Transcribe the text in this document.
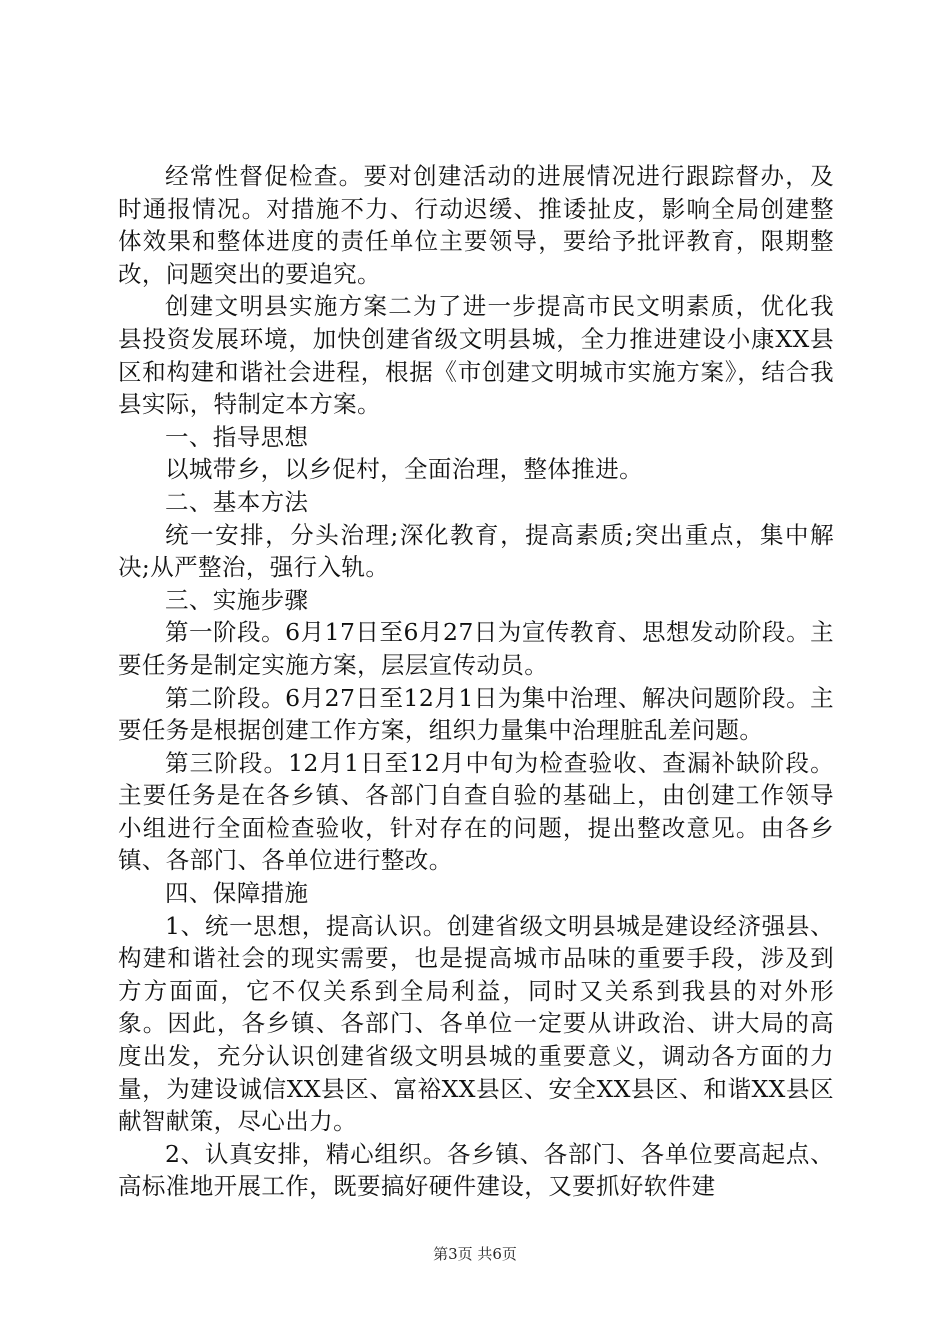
经常性督促检查。要对创建活动的进展情况进行跟踪督办，及时通报情况。对措施不力、行动迟缓、推诿扯皮，影响全局创建整体效果和整体进度的责任单位主要领导，要给予批评教育，限期整改，问题突出的要追究。

创建文明县实施方案二为了进一步提高市民文明素质，优化我县投资发展环境，加快创建省级文明县城，全力推进建设小康XX县区和构建和谐社会进程，根据《市创建文明城市实施方案》，结合我县实际，特制定本方案。

一、指导思想

以城带乡，以乡促村，全面治理，整体推进。

二、基本方法

统一安排，分头治理;深化教育，提高素质;突出重点，集中解决;从严整治，强行入轨。

三、实施步骤

第一阶段。6月17日至6月27日为宣传教育、思想发动阶段。主要任务是制定实施方案，层层宣传动员。

第二阶段。6月27日至12月1日为集中治理、解决问题阶段。主要任务是根据创建工作方案，组织力量集中治理脏乱差问题。

第三阶段。12月1日至12月中旬为检查验收、查漏补缺阶段。主要任务是在各乡镇、各部门自查自验的基础上，由创建工作领导小组进行全面检查验收，针对存在的问题，提出整改意见。由各乡镇、各部门、各单位进行整改。

四、保障措施

1、统一思想，提高认识。创建省级文明县城是建设经济强县、构建和谐社会的现实需要，也是提高城市品味的重要手段，涉及到方方面面，它不仅关系到全局利益，同时又关系到我县的对外形象。因此，各乡镇、各部门、各单位一定要从讲政治、讲大局的高度出发，充分认识创建省级文明县城的重要意义，调动各方面的力量，为建设诚信XX县区、富裕XX县区、安全XX县区、和谐XX县区献智献策，尽心出力。

2、认真安排，精心组织。各乡镇、各部门、各单位要高起点、高标准地开展工作，既要搞好硬件建设，又要抓好软件建

第3页 共6页
